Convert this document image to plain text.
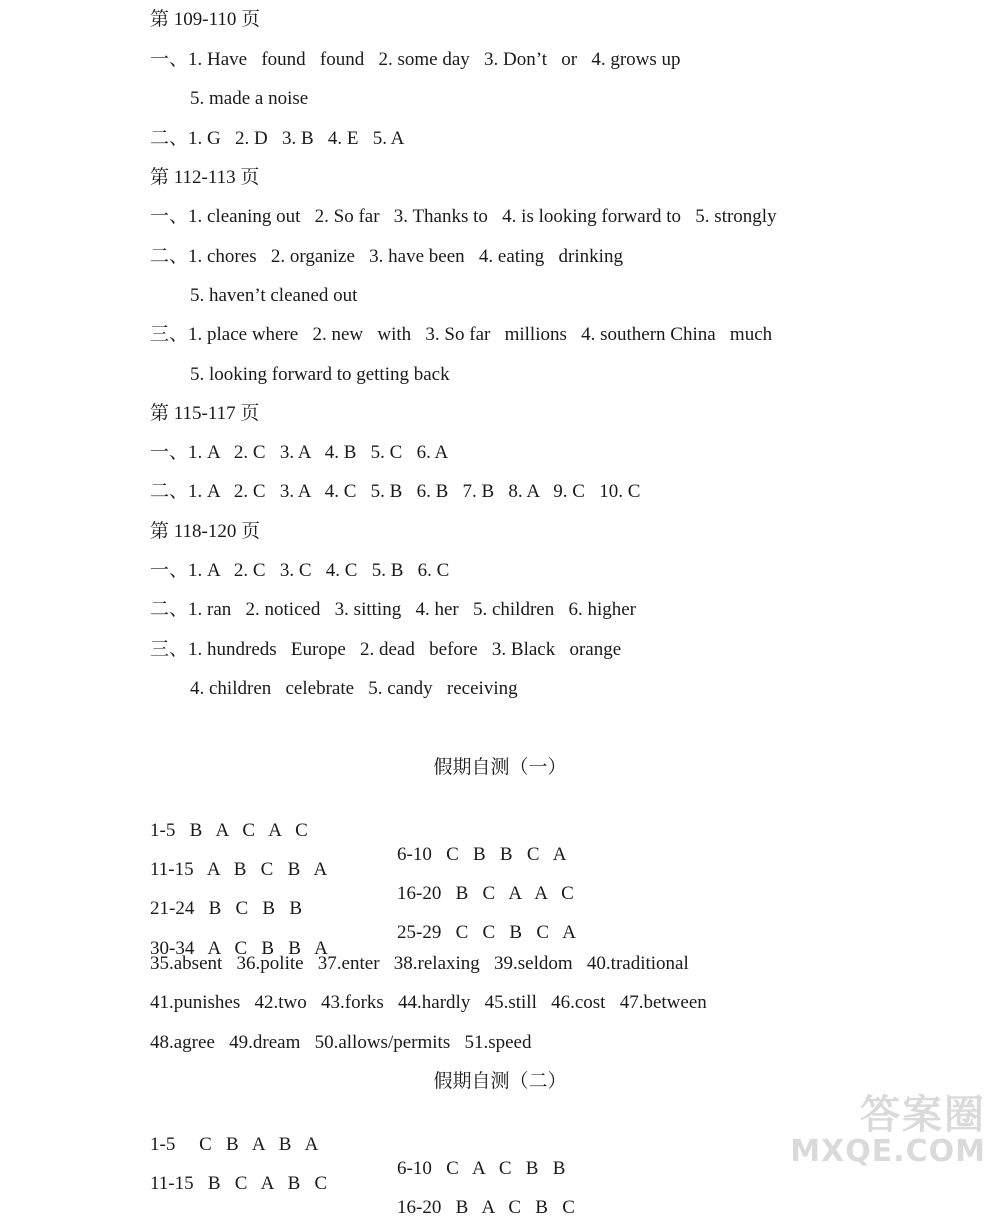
第 109-110 页
一、1. Have   found   found   2. some day   3. Don’t   or   4. grows up
5. made a noise
二、1. G   2. D   3. B   4. E   5. A
第 112-113 页
一、1. cleaning out   2. So far   3. Thanks to   4. is looking forward to   5. strongly
二、1. chores   2. organize   3. have been   4. eating   drinking
5. haven’t cleaned out
三、1. place where   2. new   with   3. So far   millions   4. southern China   much
5. looking forward to getting back
第 115-117 页
一、1. A   2. C   3. A   4. B   5. C   6. A
二、1. A   2. C   3. A   4. C   5. B   6. B   7. B   8. A   9. C   10. C
第 118-120 页
一、1. A   2. C   3. C   4. C   5. B   6. C
二、1. ran   2. noticed   3. sitting   4. her   5. children   6. higher
三、1. hundreds   Europe   2. dead   before   3. Black   orange
4. children   celebrate   5. candy   receiving
假期自测（一）

1-5   B   A   C   A   C

6-10   C   B   B   C   A

11-15   A   B   C   B   A

16-20   B   C   A   A   C

21-24   B   C   B   B

25-29   C   C   B   C   A

30-34   A   C   B   B   A

35.absent   36.polite   37.enter   38.relaxing   39.seldom   40.traditional
41.punishes   42.two   43.forks   44.hardly   45.still   46.cost   47.between
48.agree   49.dream   50.allows/permits   51.speed
假期自测（二）

1-5     C   B   A   B   A

6-10   C   A   C   B   B

11-15   B   C   A   B   C

16-20   B   A   C   B   C

答案圈
MXQE.COM
